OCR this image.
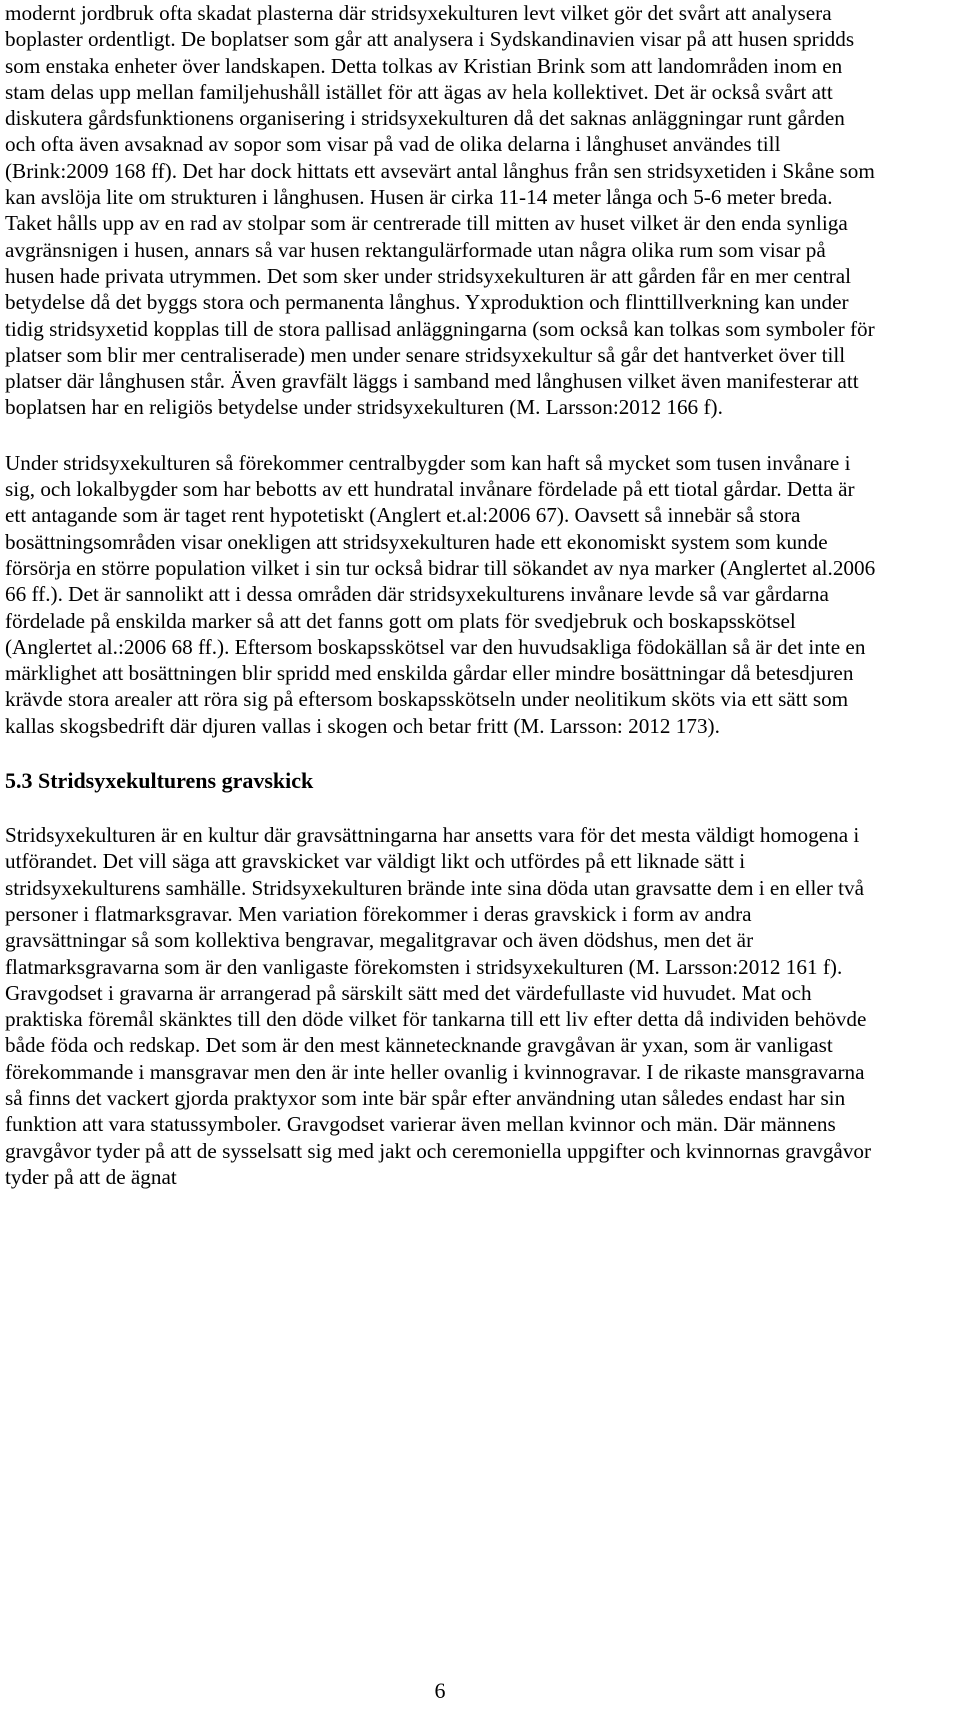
modernt jordbruk ofta skadat plasterna där stridsyxekulturen levt vilket gör det svårt att analysera boplaster ordentligt. De boplatser som går att analysera i Sydskandinavien visar på att husen spridds som enstaka enheter över landskapen. Detta tolkas av Kristian Brink som att landområden inom en stam delas upp mellan familjehushåll istället för att ägas av hela kollektivet. Det är också svårt att diskutera gårdsfunktionens organisering i stridsyxekulturen då det saknas anläggningar runt gården och ofta även avsaknad av sopor som visar på vad de olika delarna i långhuset användes till (Brink:2009 168 ff). Det har dock hittats ett avsevärt antal långhus från sen stridsyxetiden i Skåne som kan avslöja lite om strukturen i långhusen. Husen är cirka 11-14 meter långa och 5-6 meter breda. Taket hålls upp av en rad av stolpar som är centrerade till mitten av huset vilket är den enda synliga avgränsnigen i husen, annars så var husen rektangulärformade utan några olika rum som visar på husen hade privata utrymmen. Det som sker under stridsyxekulturen är att gården får en mer central betydelse då det byggs stora och permanenta långhus. Yxproduktion och flinttillverkning kan under tidig stridsyxetid kopplas till de stora pallisad anläggningarna (som också kan tolkas som symboler för platser som blir mer centraliserade) men under senare stridsyxekultur så går det hantverket över till platser där långhusen står. Även gravfält läggs i samband med långhusen vilket även manifesterar att boplatsen har en religiös betydelse under stridsyxekulturen (M. Larsson:2012 166 f).

Under stridsyxekulturen så förekommer centralbygder som kan haft så mycket som tusen invånare i sig, och lokalbygder som har bebotts av ett hundratal invånare fördelade på ett tiotal gårdar. Detta är ett antagande som är taget rent hypotetiskt (Anglert et.al:2006 67). Oavsett så innebär så stora bosättningsområden visar onekligen att stridsyxekulturen hade ett ekonomiskt system som kunde försörja en större population vilket i sin tur också bidrar till sökandet av nya marker (Anglertet al.2006 66 ff.). Det är sannolikt att i dessa områden där stridsyxekulturens invånare levde så var gårdarna fördelade på enskilda marker så att det fanns gott om plats för svedjebruk och boskapsskötsel (Anglertet al.:2006 68 ff.). Eftersom boskapsskötsel var den huvudsakliga födokällan så är det inte en märklighet att bosättningen blir spridd med enskilda gårdar eller mindre bosättningar då betesdjuren krävde stora arealer att röra sig på eftersom boskapsskötseln under neolitikum sköts via ett sätt som kallas skogsbedrift där djuren vallas i skogen och betar fritt (M. Larsson: 2012 173).

5.3 Stridsyxekulturens gravskick

Stridsyxekulturen är en kultur där gravsättningarna har ansetts vara för det mesta väldigt homogena i utförandet. Det vill säga att gravskicket var väldigt likt och utfördes på ett liknade sätt i stridsyxekulturens samhälle. Stridsyxekulturen brände inte sina döda utan gravsatte dem i en eller två personer i flatmarksgravar. Men variation förekommer i deras gravskick i form av andra gravsättningar så som kollektiva bengravar, megalitgravar och även dödshus, men det är flatmarksgravarna som är den vanligaste förekomsten i stridsyxekulturen (M. Larsson:2012 161 f). Gravgodset i gravarna är arrangerad på särskilt sätt med det värdefullaste vid huvudet. Mat och praktiska föremål skänktes till den döde vilket för tankarna till ett liv efter detta då individen behövde både föda och redskap. Det som är den mest kännetecknande gravgåvan är yxan, som är vanligast förekommande i mansgravar men den är inte heller ovanlig i kvinnogravar. I de rikaste mansgravarna så finns det vackert gjorda praktyxor som inte bär spår efter användning utan således endast har sin funktion att vara statussymboler. Gravgodset varierar även mellan kvinnor och män. Där männens gravgåvor tyder på att de sysselsatt sig med jakt och ceremoniella uppgifter och kvinnornas gravgåvor tyder på att de ägnat

6
